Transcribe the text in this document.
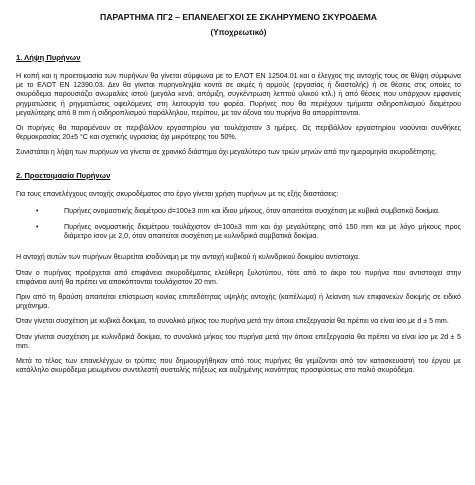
ΠΑΡΑΡΤΗΜΑ ΠΓ2 – ΕΠΑΝΕΛΕΓΧΟΙ ΣΕ ΣΚΛΗΡΥΜΕΝΟ ΣΚΥΡΟΔΕΜΑ

(Υποχρεωτικό)

1. Λήψη Πυρήνων

Η κοπή και η προετοιμασία των πυρήνων θα γίνεται σύμφωνα με το ΕΛΟΤ ΕΝ 12504.01 και ο έλεγχος της αντοχής τους σε θλίψη σύμφωνα με το ΕΛΟΤ ΕΝ 12390.03. Δεν θα γίνεται πυρηνοληψία κοντά σε ακμές ή αρμούς (εργασίας ή διαστολής) ή σε θέσεις στις οποίες το σκυρόδεμα παρουσιάζει ανωμαλίες ιστού (μεγάλα κενά, απόμιξη, συγκέντρωση λεπτού υλικού κτλ.) ή από θέσεις που υπάρχουν εμφανείς ρηγματώσεις ή ρηγματώσεις οφειλόμενες στη λειτουργία του φορέα. Πυρήνες που θα περιέχουν τμήματα σιδηροπλισμού διαμέτρου μεγαλύτερης από 8 mm ή σιδηροπλισμού παράλληλου, περίπου, με τον άξονα του πυρήνα θα απορρίπτονται.

Οι πυρήνες θα παραμένουν σε περιβάλλον εργαστηρίου για τουλάχιστον 3 ημέρες. Ως περιβάλλον εργαστηρίου νοούνται συνθήκες θερμοκρασίας 20±5 °C και σχετικής υγρασίας όχι μικρότερης του 50%.

Συνιστάται η λήψη των πυρήνων να γίνεται σε χρονικό διάστημα όχι μεγαλύτερο των τριών μηνών από την ημερομηνία σκυροδέτησης.

2. Προετοιμασία Πυρήνων

Για τους επανελέγχους αντοχής σκυροδέματος στο έργο γίνεται χρήση πυρήνων με τις εξής διαστάσεις:

•	Πυρήνες ονομαστικής διαμέτρου d=100±3 mm και ίδιου μήκους, όταν απαιτείται συσχέτιση με κυβικά συμβατικά δοκίμια.
•	Πυρήνες ονομαστικής διαμέτρου τουλάχιστον d=100±3 mm και όχι μεγαλύτερης από 150 mm και με λόγο μήκους προς διάμετρο ίσον με 2,0, όταν απαιτείται συσχέτιση με κυλινδρικά συμβατικά δοκίμια.

Η αντοχή αυτών των πυρήνων θεωρείται ισοδύναμη με την αντοχή κυβικού ή κυλινδρικού δοκιμίου αντίστοιχα.

Όταν ο πυρήνας προέρχεται από επιφάνεια σκυροδέματος ελεύθερη ξυλοτύπου, τότε από το άκρο του πυρήνα που αντιστοιχεί στην επιφάνεια αυτή θα πρέπει να αποκόπτονται τουλάχιστον 20 mm.

Πριν από τη θραύση απαιτείται επίστρωση κονίας επιπεδότητας υψηλής αντοχής (καπέλωμα) ή λείανση των επιφανειών δοκιμής σε ειδικό μηχάνημα.

Όταν γίνεται συσχέτιση με κυβικά δοκίμια, το συνολικό μήκος του πυρήνα μετά την όποια επεξεργασία θα πρέπει να είναι ίσο με d ± 5 mm.

Όταν γίνεται συσχέτιση με κυλινδρικά δοκίμια, το συνολικό μήκος του πυρήνα μετά την όποια επεξεργασία θα πρέπει να είναι ίσο με 2d ± 5 mm.

Μετά το τέλος των επανελέγχων οι τρύπες που δημιουργήθηκαν από τους πυρήνες θα γεμίζονται από τον κατασκευαστή του έργου με κατάλληλο σκυρόδεμα μειωμένου συντελεστή συστολής πήξεως και αυξημένης ικανότητας προσφύσεως στο παλιό σκυρόδεμα.
